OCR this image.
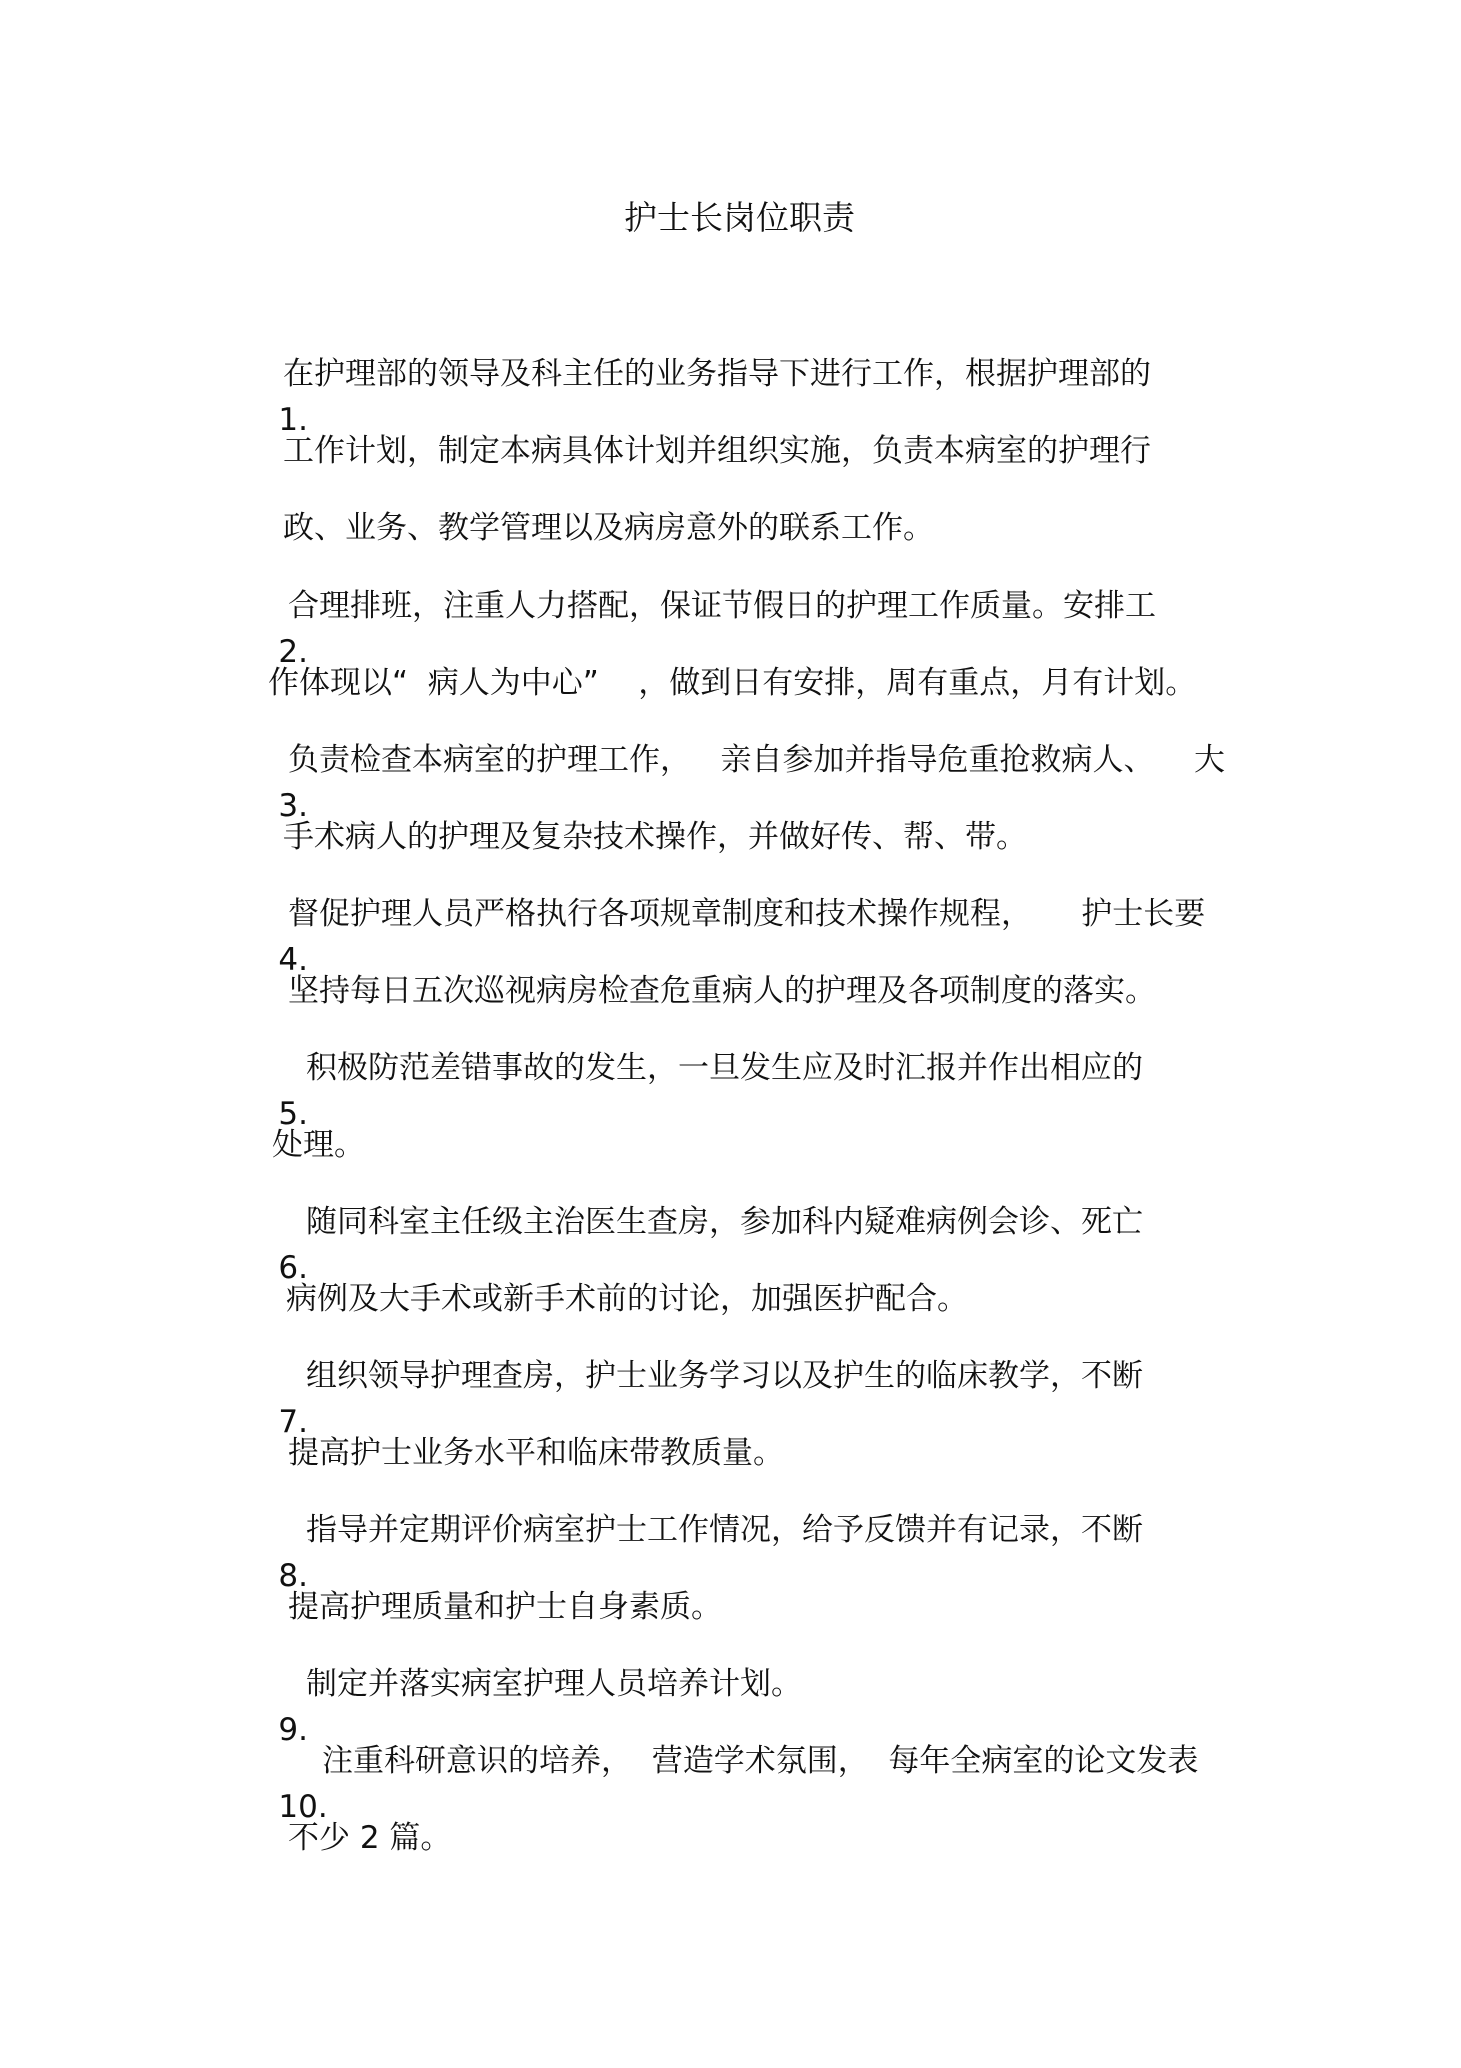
护士长岗位职责

1.

在护理部的领导及科主任的业务指导下进行工作，根据护理部的
工作计划，制定本病具体计划并组织实施，负责本病室的护理行
政、业务、教学管理以及病房意外的联系工作。

2.

合理排班，注重人力搭配，保证节假日的护理工作质量。安排工
作体现以“  病人为中心”    ，做到日有安排，周有重点，月有计划。

3.

负责检查本病室的护理工作，   亲自参加并指导危重抢救病人、    大
手术病人的护理及复杂技术操作，并做好传、帮、带。

4.

督促护理人员严格执行各项规章制度和技术操作规程，     护士长要
坚持每日五次巡视病房检查危重病人的护理及各项制度的落实。

5.

积极防范差错事故的发生，一旦发生应及时汇报并作出相应的
处理。

6.

随同科室主任级主治医生查房，参加科内疑难病例会诊、死亡
病例及大手术或新手术前的讨论，加强医护配合。

7.

组织领导护理查房，护士业务学习以及护生的临床教学，不断
提高护士业务水平和临床带教质量。

8.

指导并定期评价病室护士工作情况，给予反馈并有记录，不断
提高护理质量和护士自身素质。

9.

制定并落实病室护理人员培养计划。

10.

注重科研意识的培养，  营造学术氛围，  每年全病室的论文发表
不少 2 篇。
